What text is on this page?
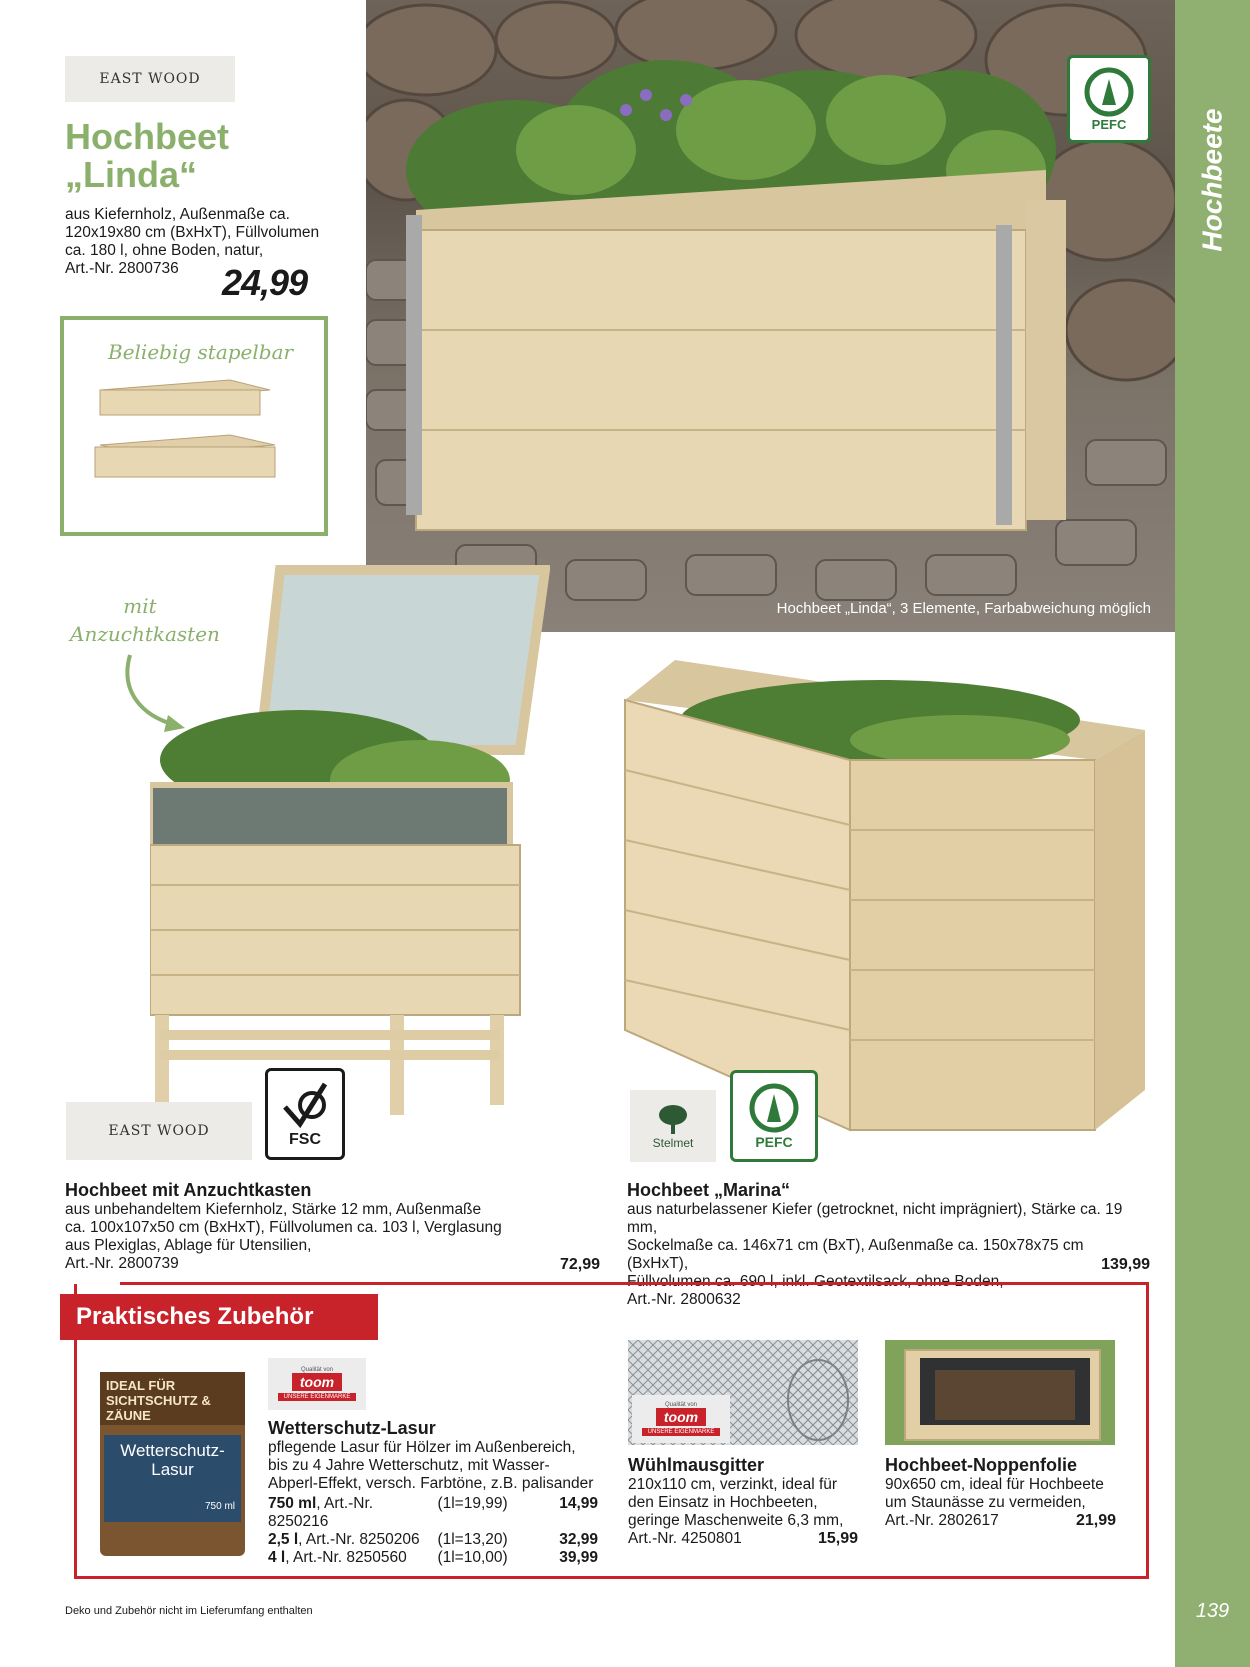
Hochbeete
139
Hochbeet „Linda“, 3 Elemente, Farbabweichung möglich
PEFC
EAST WOOD
Hochbeet
„Linda“
aus Kiefernholz, Außenmaße ca.
120x19x80 cm (BxHxT), Füllvolumen
ca. 180 l, ohne Boden, natur,
Art.-Nr. 2800736	24,99
Beliebig stapelbar
mit
Anzuchtkasten
EAST WOOD	FSC
Hochbeet mit Anzuchtkasten
aus unbehandeltem Kiefernholz, Stärke 12 mm, Außenmaße
ca. 100x107x50 cm (BxHxT), Füllvolumen ca. 103 l, Verglasung
aus Plexiglas, Ablage für Utensilien,
Art.-Nr. 2800739	72,99
Stelmet	PEFC
Hochbeet „Marina“
aus naturbelassener Kiefer (getrocknet, nicht imprägniert), Stärke ca. 19 mm,
Sockelmaße ca. 146x71 cm (BxT), Außenmaße ca. 150x78x75 cm (BxHxT),
Art.-Nr. 2800632
139,99
Praktisches Zubehör
IDEAL FÜR
SICHTSCHUTZ & ZÄUNE
Wetterschutz-
Lasur
750 ml
Qualität von
toom
UNSERE EIGENMARKE
Wetterschutz-Lasur
pflegende Lasur für Hölzer im Außenbereich,
bis zu 4 Jahre Wetterschutz, mit Wasser-
Abperl-Effekt, versch. Farbtöne, z.B. palisander
750 ml, Art.-Nr. 8250216
(1l=19,99)	14,99
2,5 l, Art.-Nr. 8250206	(1l=13,20)	32,99
4 l, Art.-Nr. 8250560	(1l=10,00)	39,99
Qualität von
toom
UNSERE EIGENMARKE
Wühlmausgitter
210x110 cm, verzinkt, ideal für
den Einsatz in Hochbeeten,
geringe Maschenweite 6,3 mm,
Art.-Nr. 4250801	15,99
Hochbeet-Noppenfolie
90x650 cm, ideal für Hochbeete
um Staunässe zu vermeiden,
Art.-Nr. 2802617	21,99
Deko und Zubehör nicht im Lieferumfang enthalten
